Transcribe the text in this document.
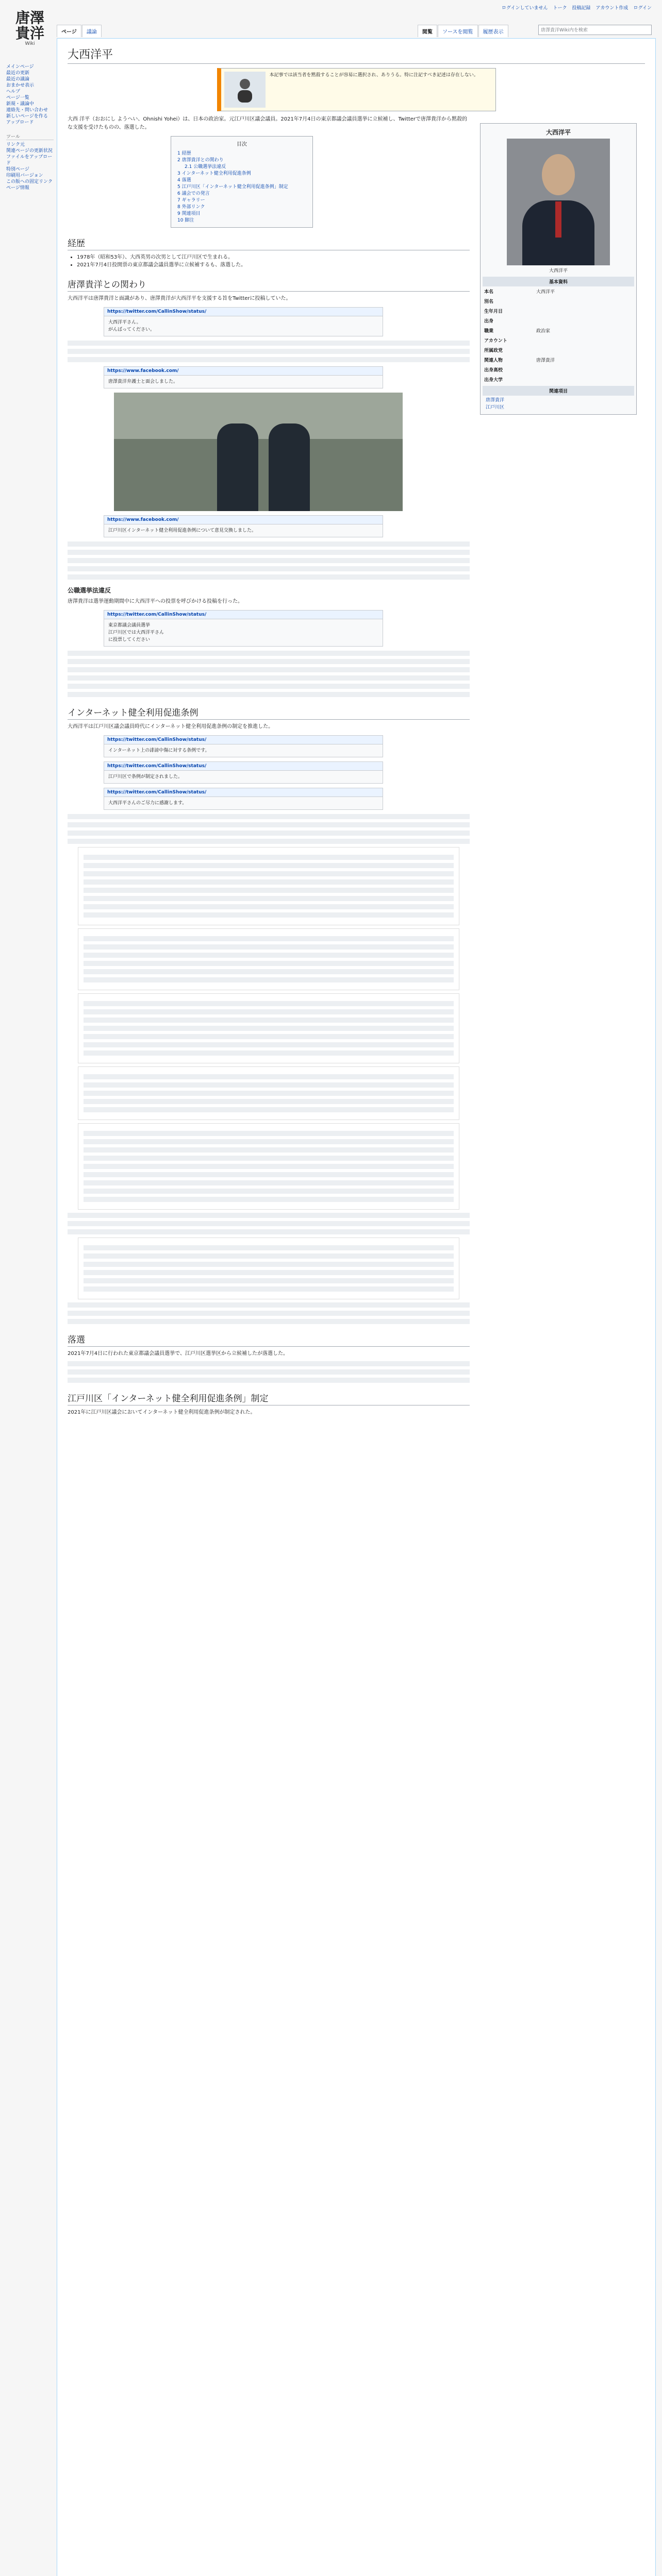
唐澤
貴洋
Wiki
メインページ
最近の更新
最近の議論
おまかせ表示
ヘルプ
ページ一覧
新規・議論中
連絡先・問い合わせ
新しいページを作る
アップロード
ツール
リンク元
関連ページの更新状況
ファイルをアップロード
特別ページ
印刷用バージョン
この版への固定リンク
ページ情報
ログインしていません トーク 投稿記録 アカウント作成 ログイン
ページ	議論	閲覧	ソースを閲覧	履歴表示	唐澤貴洋Wiki内を検索
大西洋平
本記事では該当者を黙殺することが容易に選択され、ありうる。特に注記すべき記述は存在しない。

大西 洋平（おおにし ようへい、Ohnishi Yohei）は、日本の政治家。元江戸川区議会議員。2021年7月4日の東京都議会議員選挙に立候補し、Twitterで唐澤貴洋から黙殺的な支援を受けたものの、落選した。

目次
1 経歴
2 唐澤貴洋との関わり
2.1 公職選挙法違反
3 インターネット健全利用促進条例
4 落選
5 江戸川区「インターネット健全利用促進条例」制定
6 議会での発言
7 ギャラリー
8 外部リンク
9 関連項目
10 脚注
経歴
• 1978年（昭和53年）、大西英男の次男として江戸川区で生まれる。
• 2021年7月4日投開票の東京都議会議員選挙に立候補するも、落選した。
唐澤貴洋との関わり

大西洋平は唐澤貴洋と面識があり、唐澤貴洋が大西洋平を支援する旨をTwitterに投稿していた。

https://twitter.com/CallinShow/status/
大西洋平さん。
がんばってください。
https://www.facebook.com/
唐澤貴洋弁護士と面会しました。
https://www.facebook.com/
江戸川区インターネット健全利用促進条例について意見交換しました。
公職選挙法違反

唐澤貴洋は選挙運動期間中に大西洋平への投票を呼びかける投稿を行った。

https://twitter.com/CallinShow/status/
東京都議会議員選挙
江戸川区では大西洋平さん
に投票してください
インターネット健全利用促進条例

大西洋平は江戸川区議会議員時代にインターネット健全利用促進条例の制定を推進した。

https://twitter.com/CallinShow/status/
インターネット上の誹謗中傷に対する条例です。
https://twitter.com/CallinShow/status/
江戸川区で条例が制定されました。
https://twitter.com/CallinShow/status/
大西洋平さんのご尽力に感謝します。
落選

2021年7月4日に行われた東京都議会議員選挙で、江戸川区選挙区から立候補したが落選した。

江戸川区「インターネット健全利用促進条例」制定

2021年に江戸川区議会においてインターネット健全利用促進条例が制定された。

大西洋平
大西洋平
基本資料
本名	大西洋平
別名	
生年月日	
出身	
職業	政治家
アカウント	
所属政党	
関連人物	唐澤貴洋
出身高校	
出身大学	
関連項目
唐澤貴洋
江戸川区
